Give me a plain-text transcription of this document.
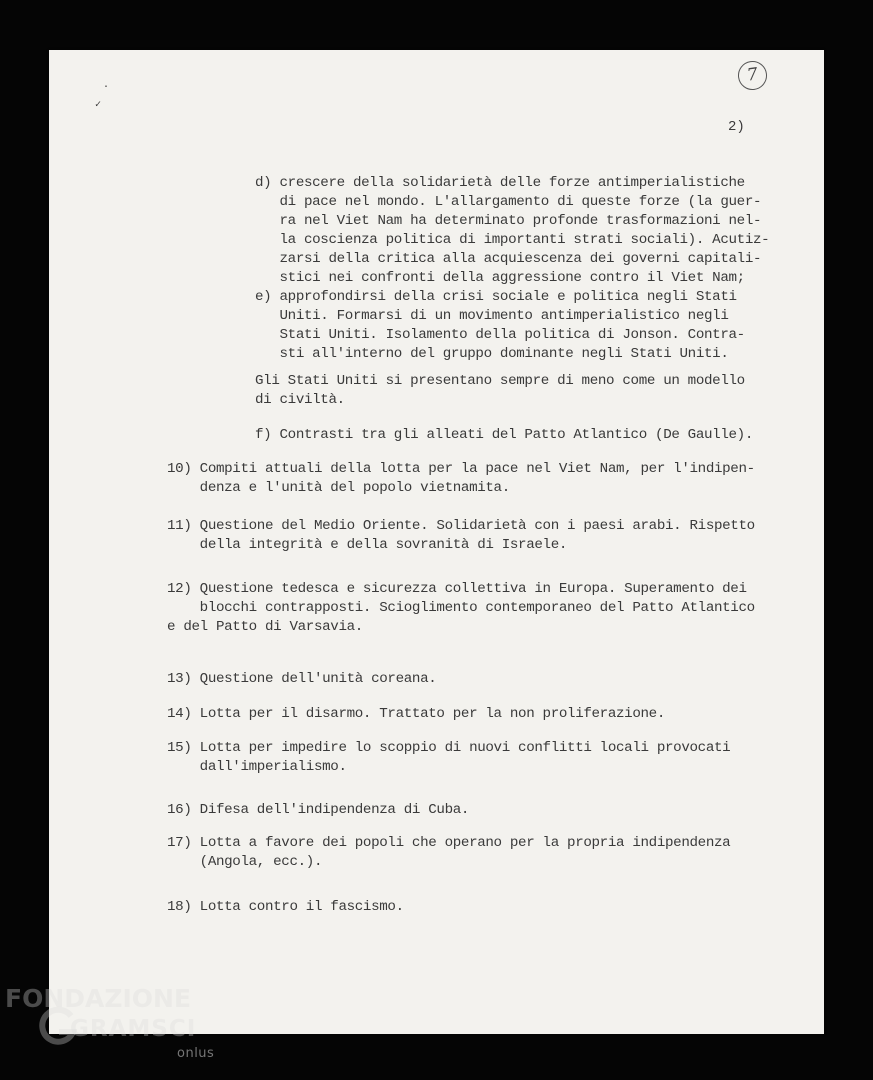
·
✓
7
2)
d) crescere della solidarietà delle forze antimperialistiche
di pace nel mondo. L'allargamento di queste forze (la guer-
ra nel Viet Nam ha determinato profonde trasformazioni nel-
la coscienza politica di importanti strati sociali). Acutiz-
zarsi della critica alla acquiescenza dei governi capitali-
stici nei confronti della aggressione contro il Viet Nam;
e) approfondirsi della crisi sociale e politica negli Stati
Uniti. Formarsi di un movimento antimperialistico negli
Stati Uniti. Isolamento della politica di Jonson. Contra-
sti all'interno del gruppo dominante negli Stati Uniti.
Gli Stati Uniti si presentano sempre di meno come un modello
di civiltà.
f) Contrasti tra gli alleati del Patto Atlantico (De Gaulle).
10) Compiti attuali della lotta per la pace nel Viet Nam, per l'indipen-
denza e l'unità del popolo vietnamita.
11) Questione del Medio Oriente. Solidarietà con i paesi arabi. Rispetto
della integrità e della sovranità di Israele.
12) Questione tedesca e sicurezza collettiva in Europa. Superamento dei
blocchi contrapposti. Scioglimento contemporaneo del Patto Atlantico
e del Patto di Varsavia.
13) Questione dell'unità coreana.
14) Lotta per il disarmo. Trattato per la non proliferazione.
15) Lotta per impedire lo scoppio di nuovi conflitti locali provocati
dall'imperialismo.
16) Difesa dell'indipendenza di Cuba.
17) Lotta a favore dei popoli che operano per la propria indipendenza
(Angola, ecc.).
18) Lotta contro il fascismo.
FONDAZIONE
GRAMSCI
onlus
